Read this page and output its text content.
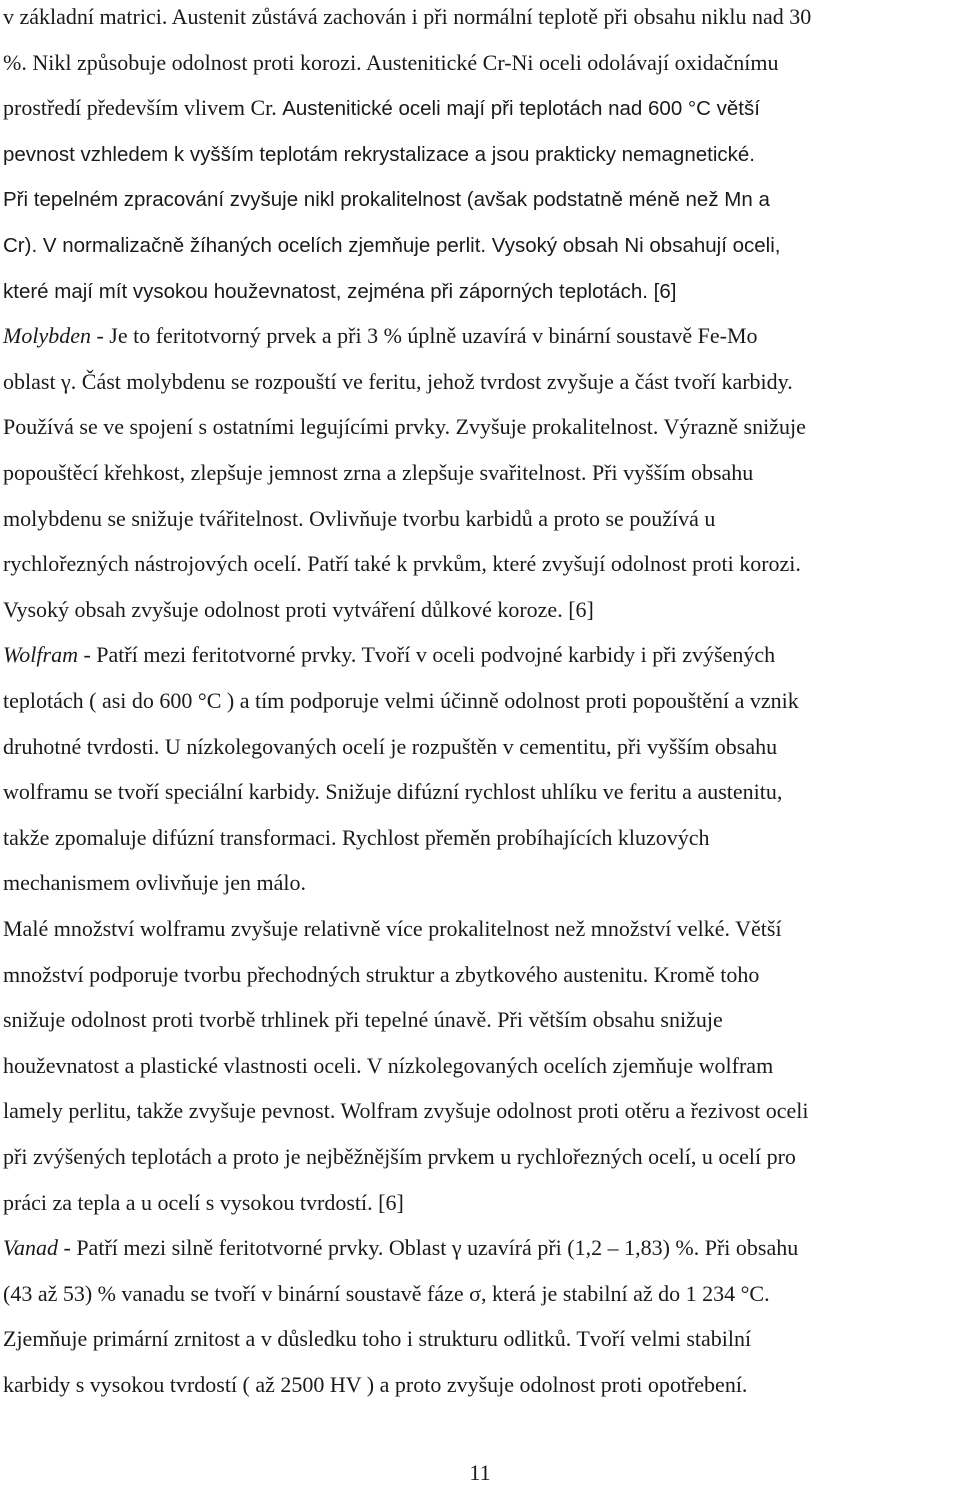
v základní matrici. Austenit zůstává zachován i při normální teplotě při obsahu niklu nad 30
%. Nikl způsobuje odolnost proti korozi. Austenitické Cr-Ni oceli odolávají oxidačnímu
prostředí především vlivem Cr. Austenitické oceli mají při teplotách nad 600 °C větší
pevnost vzhledem k vyšším teplotám rekrystalizace a jsou prakticky nemagnetické.
Při tepelném zpracování zvyšuje nikl prokalitelnost (avšak podstatně méně než Mn a
Cr). V normalizačně žíhaných ocelích zjemňuje perlit. Vysoký obsah Ni obsahují oceli,
které mají mít vysokou houževnatost, zejména při záporných teplotách. [6]
Molybden - Je to feritotvorný prvek a při 3 % úplně uzavírá v binární soustavě Fe-Mo
oblast γ. Část molybdenu se rozpouští ve feritu, jehož tvrdost zvyšuje a část tvoří karbidy.
Používá se ve spojení s ostatními legujícími prvky. Zvyšuje prokalitelnost. Výrazně snižuje
popouštěcí křehkost, zlepšuje jemnost zrna a zlepšuje svařitelnost. Při vyšším obsahu
molybdenu se snižuje tvářitelnost. Ovlivňuje tvorbu karbidů a proto se používá u
rychlořezných nástrojových ocelí. Patří také k prvkům, které zvyšují odolnost proti korozi.
Vysoký obsah zvyšuje odolnost proti vytváření důlkové koroze. [6]
Wolfram - Patří mezi feritotvorné prvky. Tvoří v oceli podvojné karbidy i při zvýšených
teplotách ( asi do 600 °C ) a tím podporuje velmi účinně odolnost proti popouštění a vznik
druhotné tvrdosti. U nízkolegovaných ocelí je rozpuštěn v cementitu, při vyšším obsahu
wolframu se tvoří speciální karbidy. Snižuje difúzní rychlost uhlíku ve feritu a austenitu,
takže zpomaluje difúzní transformaci. Rychlost přeměn probíhajících kluzových
mechanismem ovlivňuje jen málo.
Malé množství wolframu zvyšuje relativně více prokalitelnost než množství velké. Větší
množství podporuje tvorbu přechodných struktur a zbytkového austenitu. Kromě toho
snižuje odolnost proti tvorbě trhlinek při tepelné únavě. Při větším obsahu snižuje
houževnatost a plastické vlastnosti oceli. V nízkolegovaných ocelích zjemňuje wolfram
lamely perlitu, takže zvyšuje pevnost. Wolfram zvyšuje odolnost proti otěru a řezivost oceli
při zvýšených teplotách a proto je nejběžnějším prvkem u rychlořezných ocelí, u ocelí pro
práci za tepla a u ocelí s vysokou tvrdostí. [6]
Vanad - Patří mezi silně feritotvorné prvky. Oblast γ uzavírá při (1,2 – 1,83) %. Při obsahu
(43 až 53) % vanadu se tvoří v binární soustavě fáze σ, která je stabilní až do 1 234 °C.
Zjemňuje primární zrnitost a v důsledku toho i strukturu odlitků. Tvoří velmi stabilní
karbidy s vysokou tvrdostí ( až 2500 HV ) a proto zvyšuje odolnost proti opotřebení.
11
